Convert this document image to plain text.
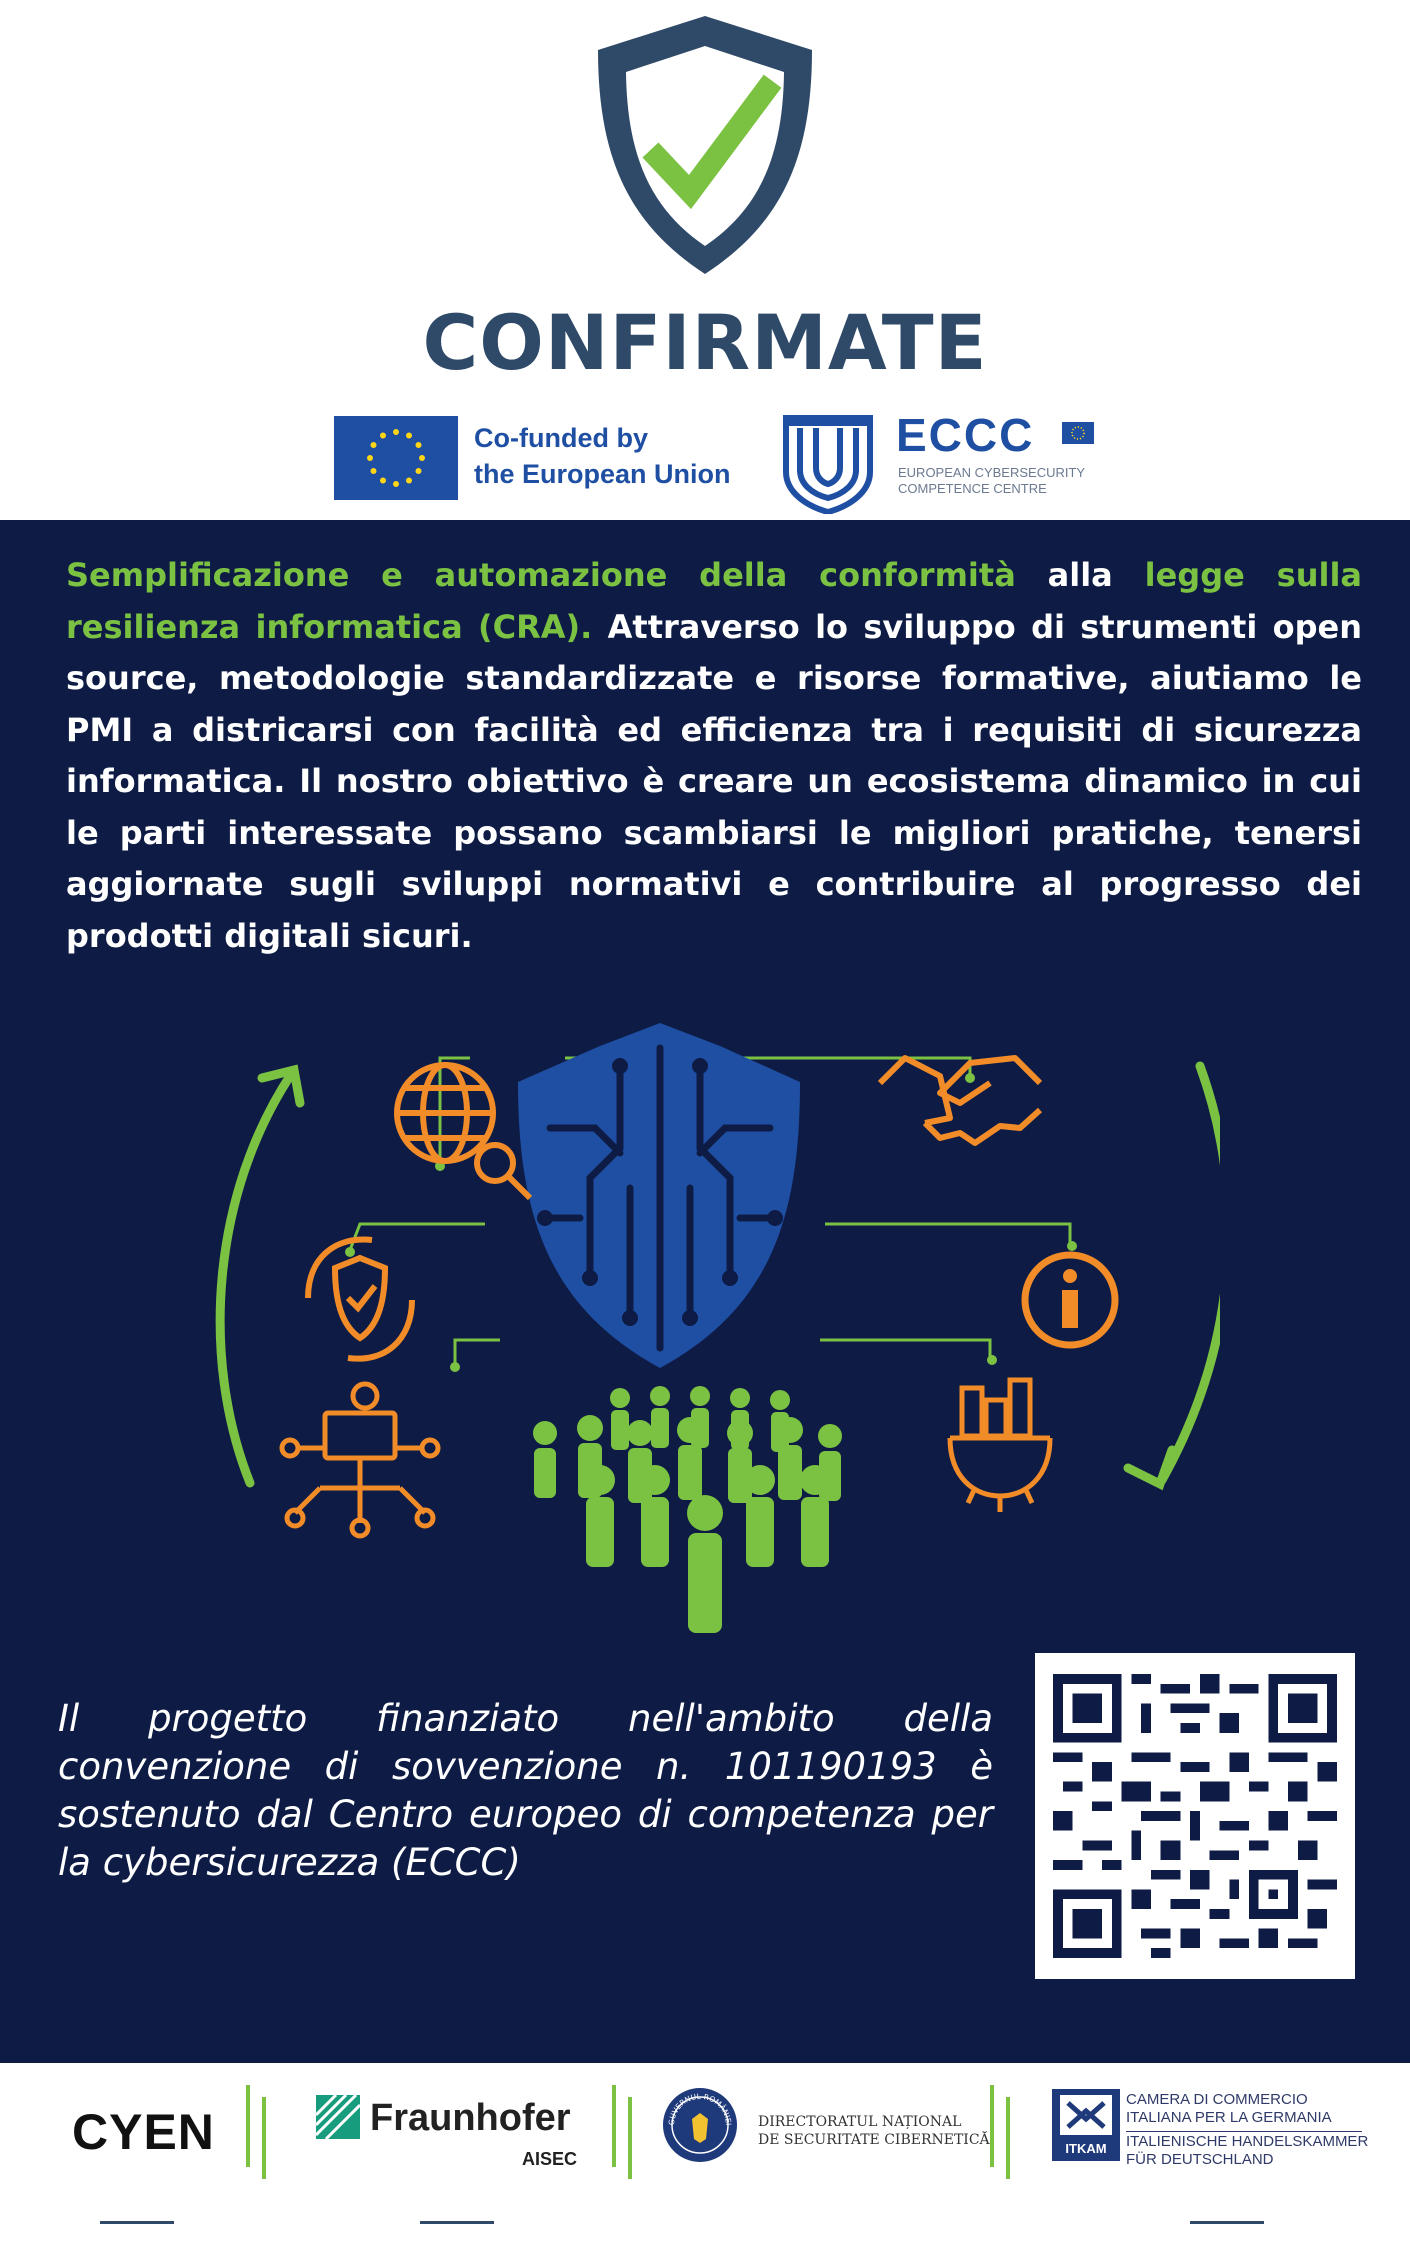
CONFIRMATE
Co-funded by
the European Union
ECCC
EUROPEAN CYBERSECURITY
COMPETENCE CENTRE
Semplificazione e automazione della conformità alla legge sulla resilienza informatica (CRA). Attraverso lo sviluppo di strumenti open source, metodologie standardizzate e risorse formative, aiutiamo le PMI a districarsi con facilità ed efficienza tra i requisiti di sicurezza informatica. Il nostro obiettivo è creare un ecosistema dinamico in cui le parti interessate possano scambiarsi le migliori pratiche, tenersi aggiornate sugli sviluppi normativi e contribuire al progresso dei prodotti digitali sicuri.
Il progetto finanziato nell'ambito della convenzione di sovvenzione n. 101190193 è sostenuto dal Centro europeo di competenza per la cybersicurezza (ECCC)
CYEN	Fraunhofer
AISEC
GUVERNUL ROMÂNIEI DIRECTORATUL NAȚIONAL
DE SECURITATE CIBERNETICĂ
ITKAM
CAMERA DI COMMERCIO
ITALIANA PER LA GERMANIA
ITALIENISCHE HANDELSKAMMER
FÜR DEUTSCHLAND
